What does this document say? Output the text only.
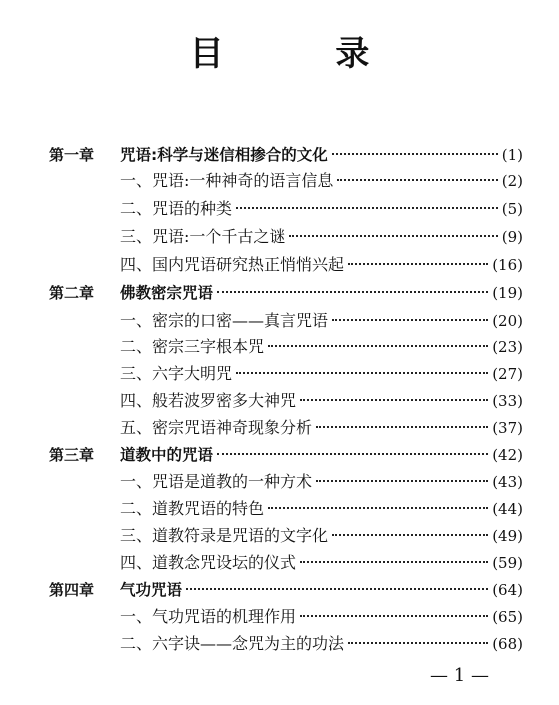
目 录
第一章 咒语:科学与迷信相掺合的文化	(1)
一、咒语:一种神奇的语言信息	(2)
二、咒语的种类	(5)
三、咒语:一个千古之谜	(9)
四、国内咒语研究热正悄悄兴起	(16)
第二章 佛教密宗咒语	(19)
一、密宗的口密——真言咒语	(20)
二、密宗三字根本咒	(23)
三、六字大明咒	(27)
四、般若波罗密多大神咒	(33)
五、密宗咒语神奇现象分析	(37)
第三章 道教中的咒语	(42)
一、咒语是道教的一种方术	(43)
二、道教咒语的特色	(44)
三、道教符录是咒语的文字化	(49)
四、道教念咒设坛的仪式	(59)
第四章 气功咒语	(64)
一、气功咒语的机理作用	(65)
二、六字诀——念咒为主的功法	(68)
— 1 —
